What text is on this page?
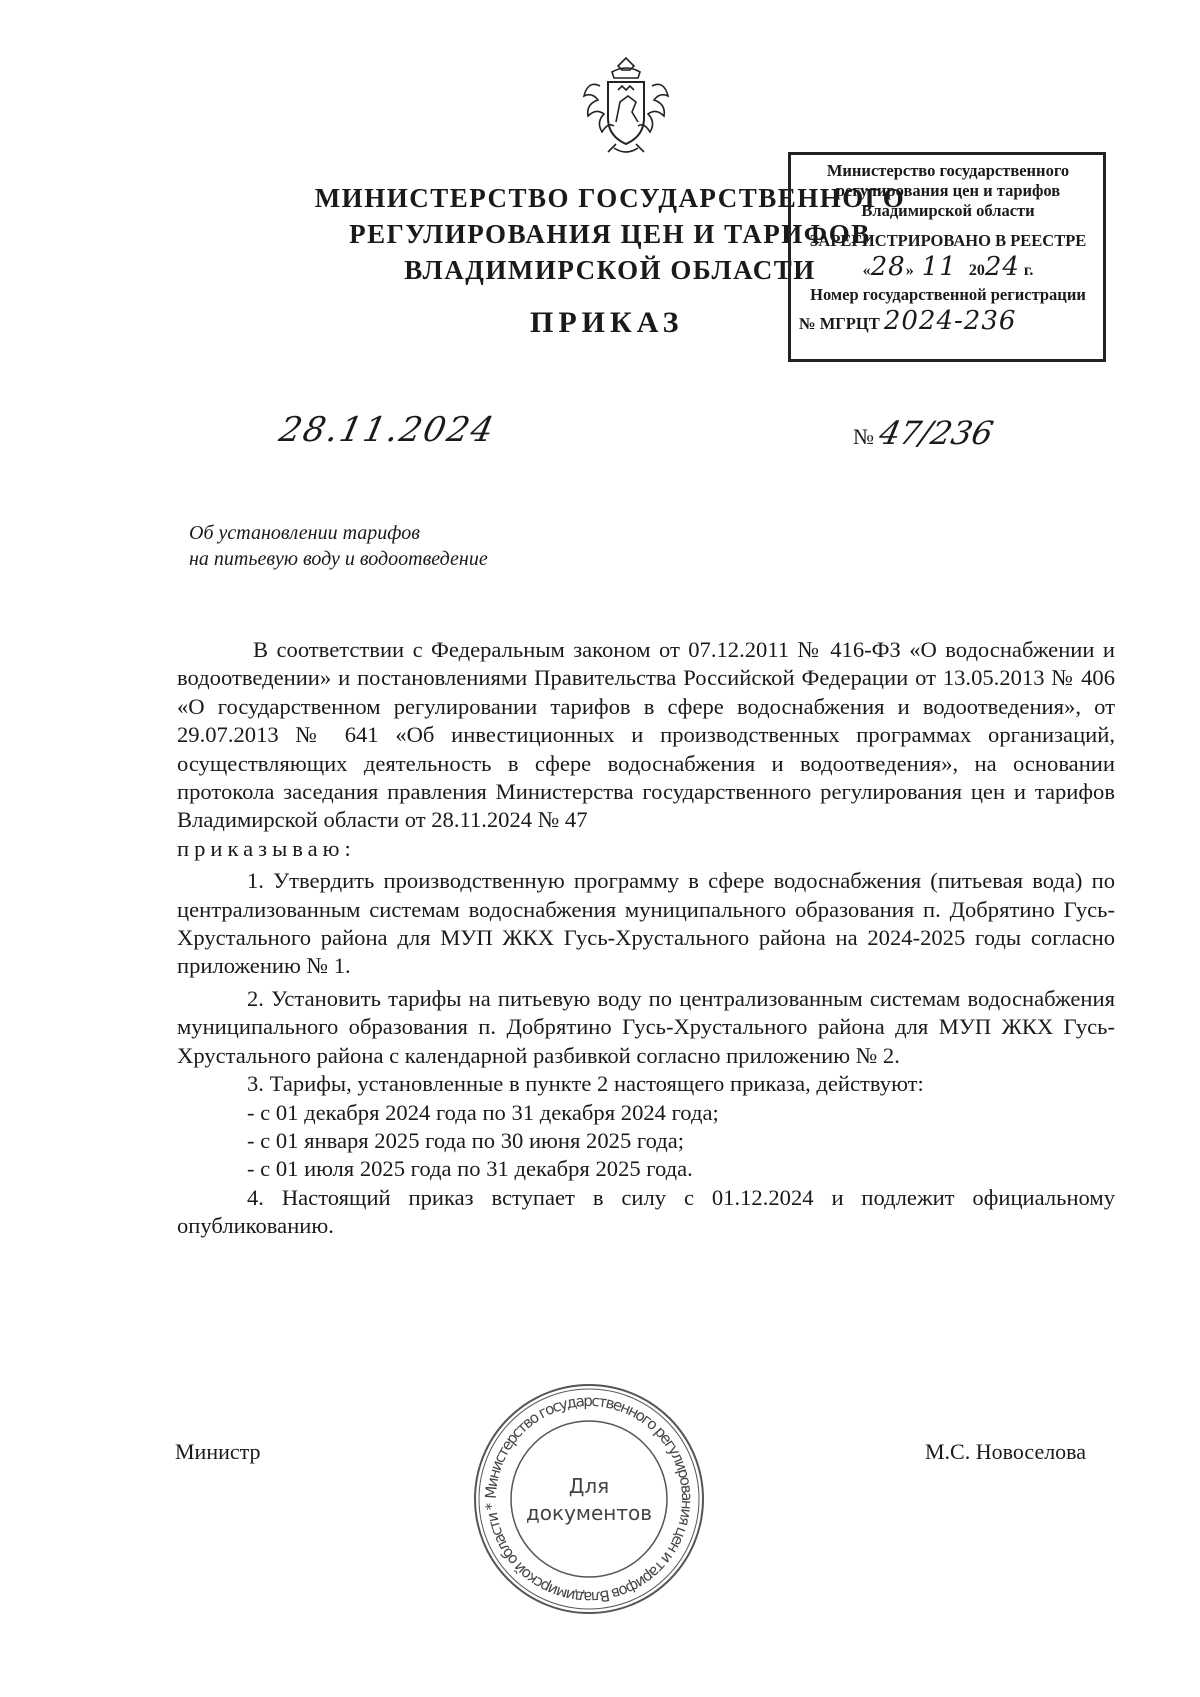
МИНИСТЕРСТВО ГОСУДАРСТВЕННОГО
РЕГУЛИРОВАНИЯ ЦЕН И ТАРИФОВ
ВЛАДИМИРСКОЙ ОБЛАСТИ
ПРИКАЗ
Министерство государственного
регулирования цен и тарифов
Владимирской области
ЗАРЕГИСТРИРОВАНО В РЕЕСТРЕ
«28»  11 2024 г.
Номер государственной регистрации
№ МГРЦТ 2024-236
28.11.2024	№47/236
Об установлении тарифов
на питьевую воду и водоотведение

В соответствии с Федеральным законом от 07.12.2011 № 416-ФЗ «О водоснабжении и водоотведении» и постановлениями Правительства Российской Федерации от 13.05.2013 № 406 «О государственном регулировании тарифов в сфере водоснабжения и водоотведения», от 29.07.2013 № 641 «Об инвестиционных и производственных программах организаций, осуществляющих деятельность в сфере водоснабжения и водоотведения», на основании протокола заседания правления Министерства государственного регулирования цен и тарифов Владимирской области от 28.11.2024 № 47

приказываю:

1. Утвердить производственную программу в сфере водоснабжения (питьевая вода) по централизованным системам водоснабжения муниципального образования п. Добрятино Гусь-Хрустального района для МУП ЖКХ Гусь-Хрустального района на 2024-2025 годы согласно приложению № 1.

2. Установить тарифы на питьевую воду по централизованным системам водоснабжения муниципального образования п. Добрятино Гусь-Хрустального района для МУП ЖКХ Гусь-Хрустального района с календарной разбивкой согласно приложению № 2.

3. Тарифы, установленные в пункте 2 настоящего приказа, действуют:

- с 01 декабря 2024 года по 31 декабря 2024 года;

- с 01 января 2025 года по 30 июня 2025 года;

- с 01 июля 2025 года по 31 декабря 2025 года.

4. Настоящий приказ вступает в силу с 01.12.2024 и подлежит официальному опубликованию.

Министр	М.С. Новоселова
Министерство государственного регулирования цен и тарифов Владимирской области *
Для
документов
